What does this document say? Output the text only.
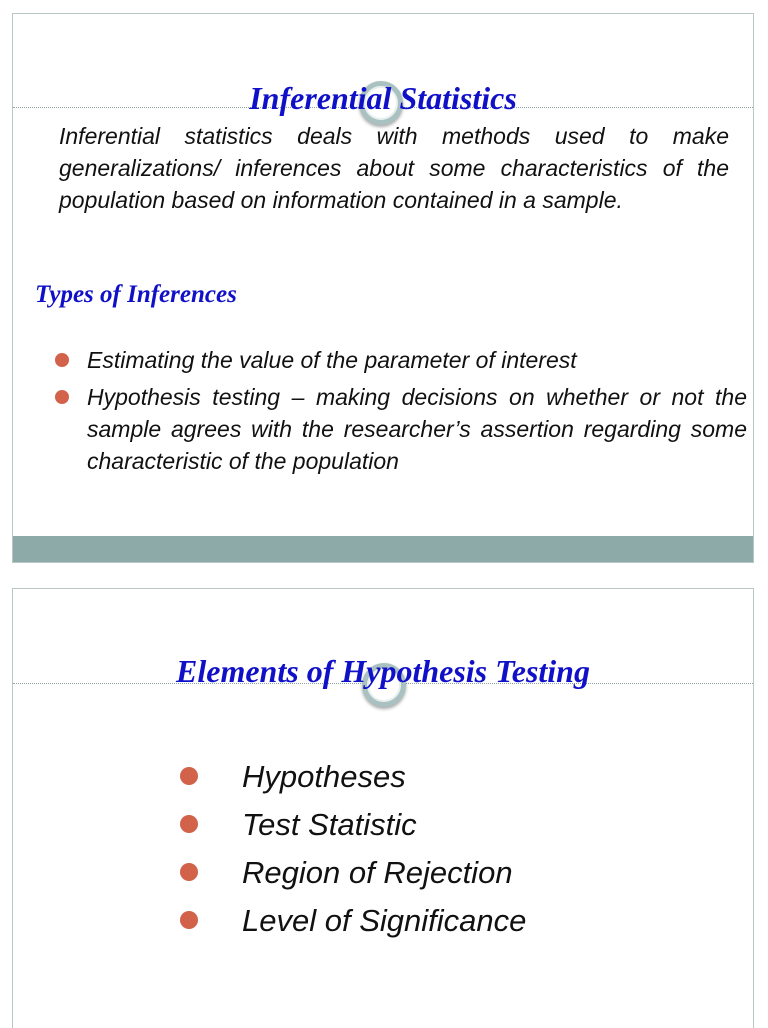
Inferential Statistics
Inferential statistics deals with methods used to make generalizations/ inferences about some characteristics of the population based on information contained in a sample.
Types of Inferences
Estimating the value of the parameter of interest
Hypothesis testing – making decisions on whether or not the sample agrees with the researcher’s assertion regarding some characteristic of the population
Elements of Hypothesis Testing
Hypotheses
Test Statistic
Region of Rejection
Level of Significance
